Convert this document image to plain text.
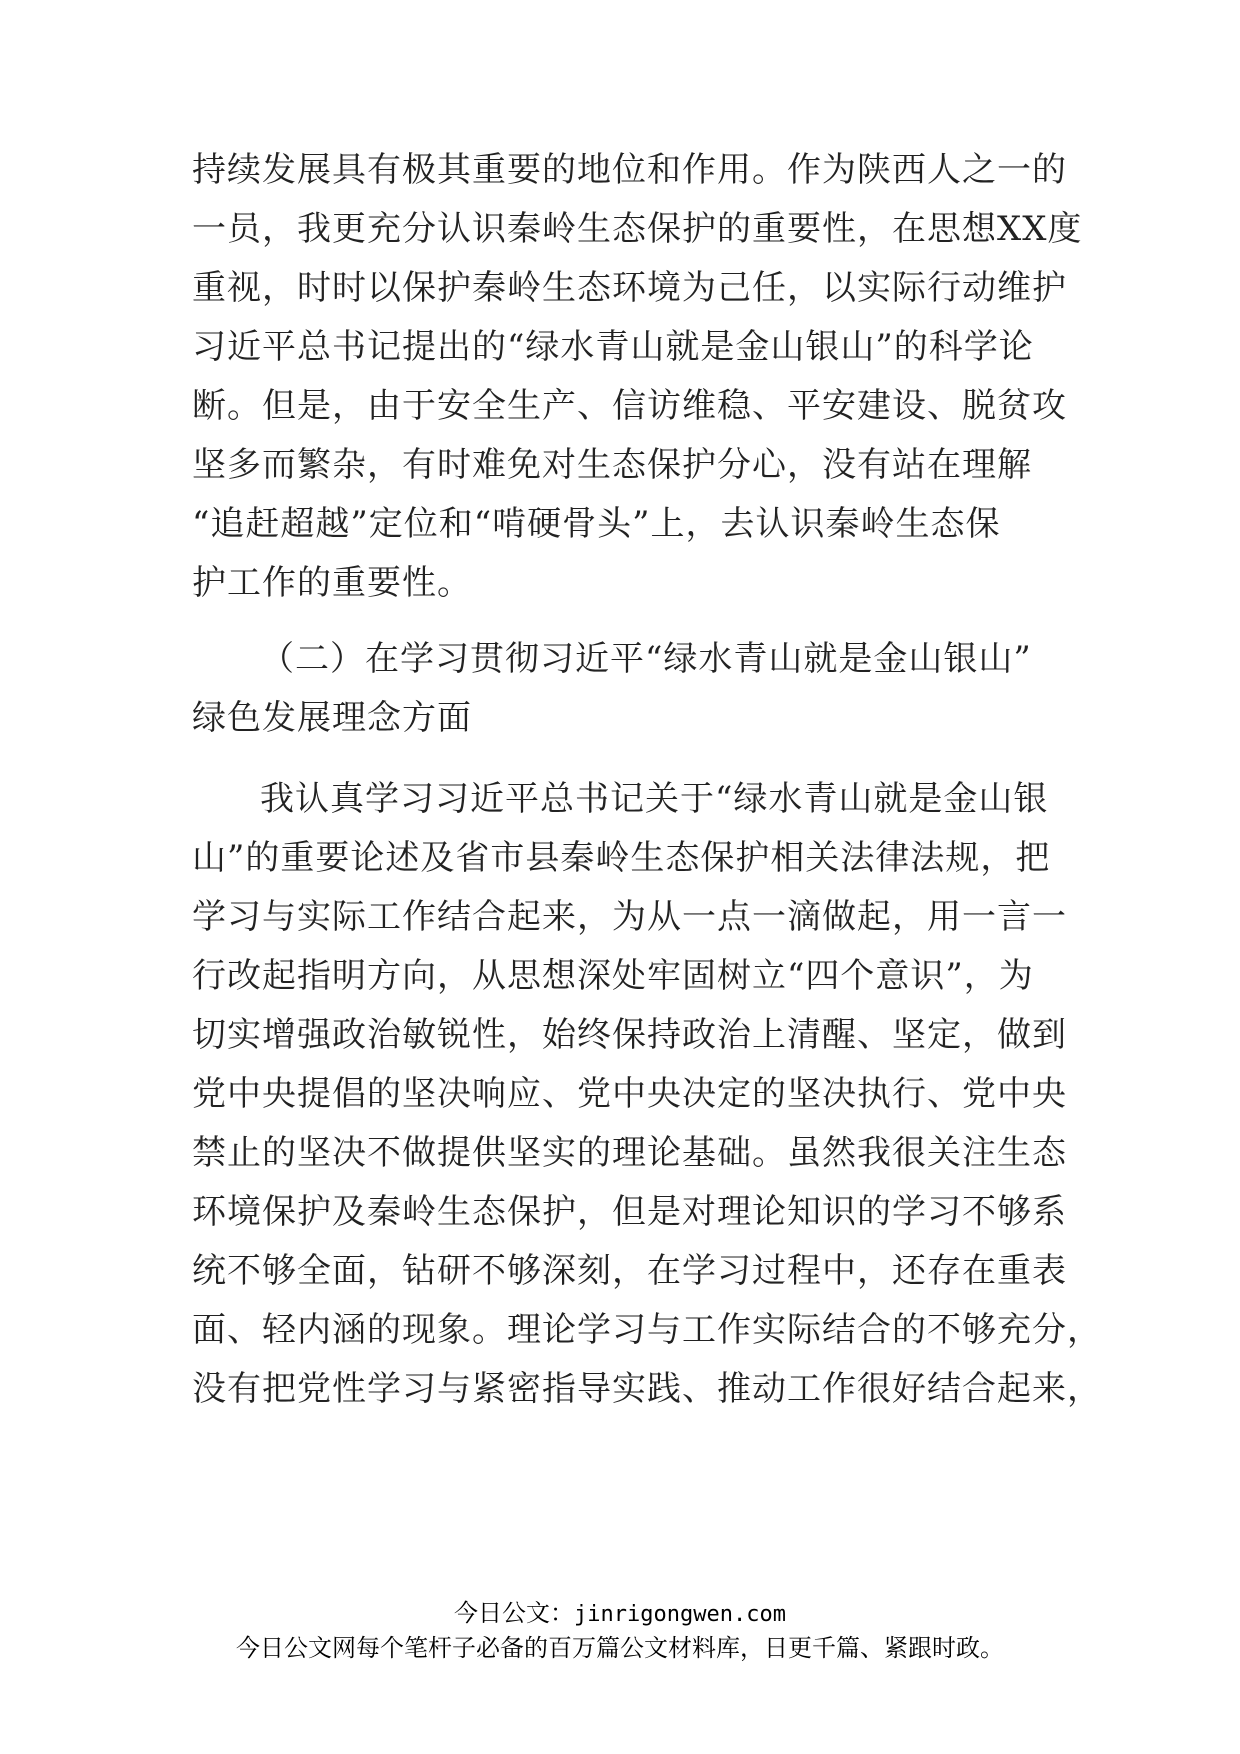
持续发展具有极其重要的地位和作用。作为陕西人之一的
一员，我更充分认识秦岭生态保护的重要性，在思想XX度
重视，时时以保护秦岭生态环境为己任，以实际行动维护
习近平总书记提出的“绿水青山就是金山银山”的科学论
断。但是，由于安全生产、信访维稳、平安建设、脱贫攻
坚多而繁杂，有时难免对生态保护分心，没有站在理解
“追赶超越”定位和“啃硬骨头”上，去认识秦岭生态保
护工作的重要性。
（二）在学习贯彻习近平“绿水青山就是金山银山”
绿色发展理念方面
我认真学习习近平总书记关于“绿水青山就是金山银
山”的重要论述及省市县秦岭生态保护相关法律法规，把
学习与实际工作结合起来，为从一点一滴做起，用一言一
行改起指明方向，从思想深处牢固树立“四个意识”，为
切实增强政治敏锐性，始终保持政治上清醒、坚定，做到
党中央提倡的坚决响应、党中央决定的坚决执行、党中央
禁止的坚决不做提供坚实的理论基础。虽然我很关注生态
环境保护及秦岭生态保护，但是对理论知识的学习不够系
统不够全面，钻研不够深刻，在学习过程中，还存在重表
面、轻内涵的现象。理论学习与工作实际结合的不够充分，
没有把党性学习与紧密指导实践、推动工作很好结合起来，
今日公文：jinrigongwen.com
今日公文网每个笔杆子必备的百万篇公文材料库，日更千篇、紧跟时政。
